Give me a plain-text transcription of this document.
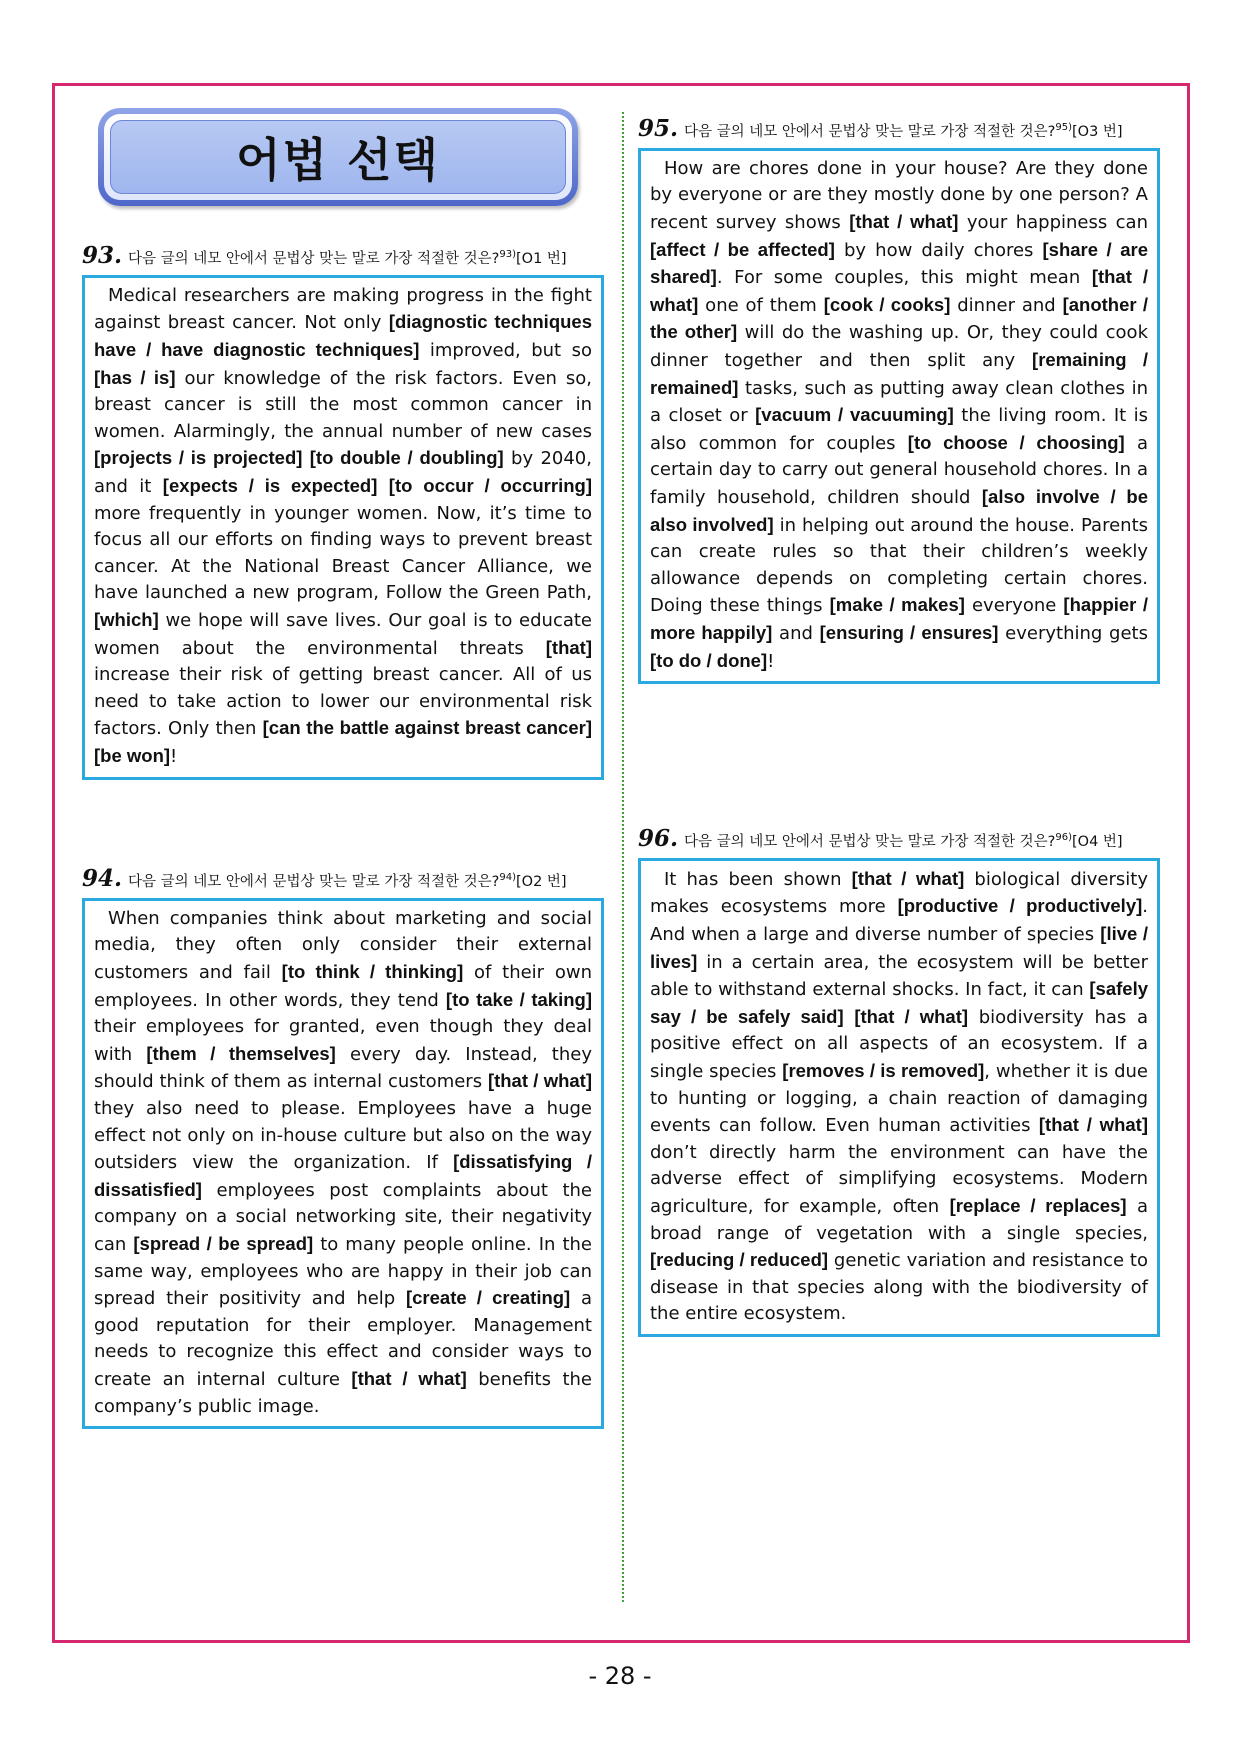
어법 선택
93. 다음 글의 네모 안에서 문법상 맞는 말로 가장 적절한 것은?$^{93)}$[O1 번]

Medical researchers are making progress in the fight against breast cancer. Not only [diagnostic techniques have / have diagnostic techniques] improved, but so [has / is] our knowledge of the risk factors. Even so, breast cancer is still the most common cancer in women. Alarmingly, the annual number of new cases [projects / is projected] [to double / doubling] by 2040, and it [expects / is expected] [to occur / occurring] more frequently in younger women. Now, it’s time to focus all our efforts on finding ways to prevent breast cancer. At the National Breast Cancer Alliance, we have launched a new program, Follow the Green Path, [which] we hope will save lives. Our goal is to educate women about the environmental threats [that] increase their risk of getting breast cancer. All of us need to take action to lower our environmental risk factors. Only then [can the battle against breast cancer] [be won]!

94. 다음 글의 네모 안에서 문법상 맞는 말로 가장 적절한 것은?$^{94)}$[O2 번]

When companies think about marketing and social media, they often only consider their external customers and fail [to think / thinking] of their own employees. In other words, they tend [to take / taking] their employees for granted, even though they deal with [them / themselves] every day. Instead, they should think of them as internal customers [that / what] they also need to please. Employees have a huge effect not only on in-house culture but also on the way outsiders view the organization. If [dissatisfying / dissatisfied] employees post complaints about the company on a social networking site, their negativity can [spread / be spread] to many people online. In the same way, employees who are happy in their job can spread their positivity and help [create / creating] a good reputation for their employer. Management needs to recognize this effect and consider ways to create an internal culture [that / what] benefits the company’s public image.

95. 다음 글의 네모 안에서 문법상 맞는 말로 가장 적절한 것은?$^{95)}$[O3 번]

How are chores done in your house? Are they done by everyone or are they mostly done by one person? A recent survey shows [that / what] your happiness can [affect / be affected] by how daily chores [share / are shared]. For some couples, this might mean [that / what] one of them [cook / cooks] dinner and [another / the other] will do the washing up. Or, they could cook dinner together and then split any [remaining / remained] tasks, such as putting away clean clothes in a closet or [vacuum / vacuuming] the living room. It is also common for couples [to choose / choosing] a certain day to carry out general household chores. In a family household, children should [also involve / be also involved] in helping out around the house. Parents can create rules so that their children’s weekly allowance depends on completing certain chores. Doing these things [make / makes] everyone [happier / more happily] and [ensuring / ensures] everything gets [to do / done]!

96. 다음 글의 네모 안에서 문법상 맞는 말로 가장 적절한 것은?$^{96)}$[O4 번]

It has been shown [that / what] biological diversity makes ecosystems more [productive / productively]. And when a large and diverse number of species [live / lives] in a certain area, the ecosystem will be better able to withstand external shocks. In fact, it can [safely say / be safely said] [that / what] biodiversity has a positive effect on all aspects of an ecosystem. If a single species [removes / is removed], whether it is due to hunting or logging, a chain reaction of damaging events can follow. Even human activities [that / what] don’t directly harm the environment can have the adverse effect of simplifying ecosystems. Modern agriculture, for example, often [replace / replaces] a broad range of vegetation with a single species, [reducing / reduced] genetic variation and resistance to disease in that species along with the biodiversity of the entire ecosystem.

- 28 -
